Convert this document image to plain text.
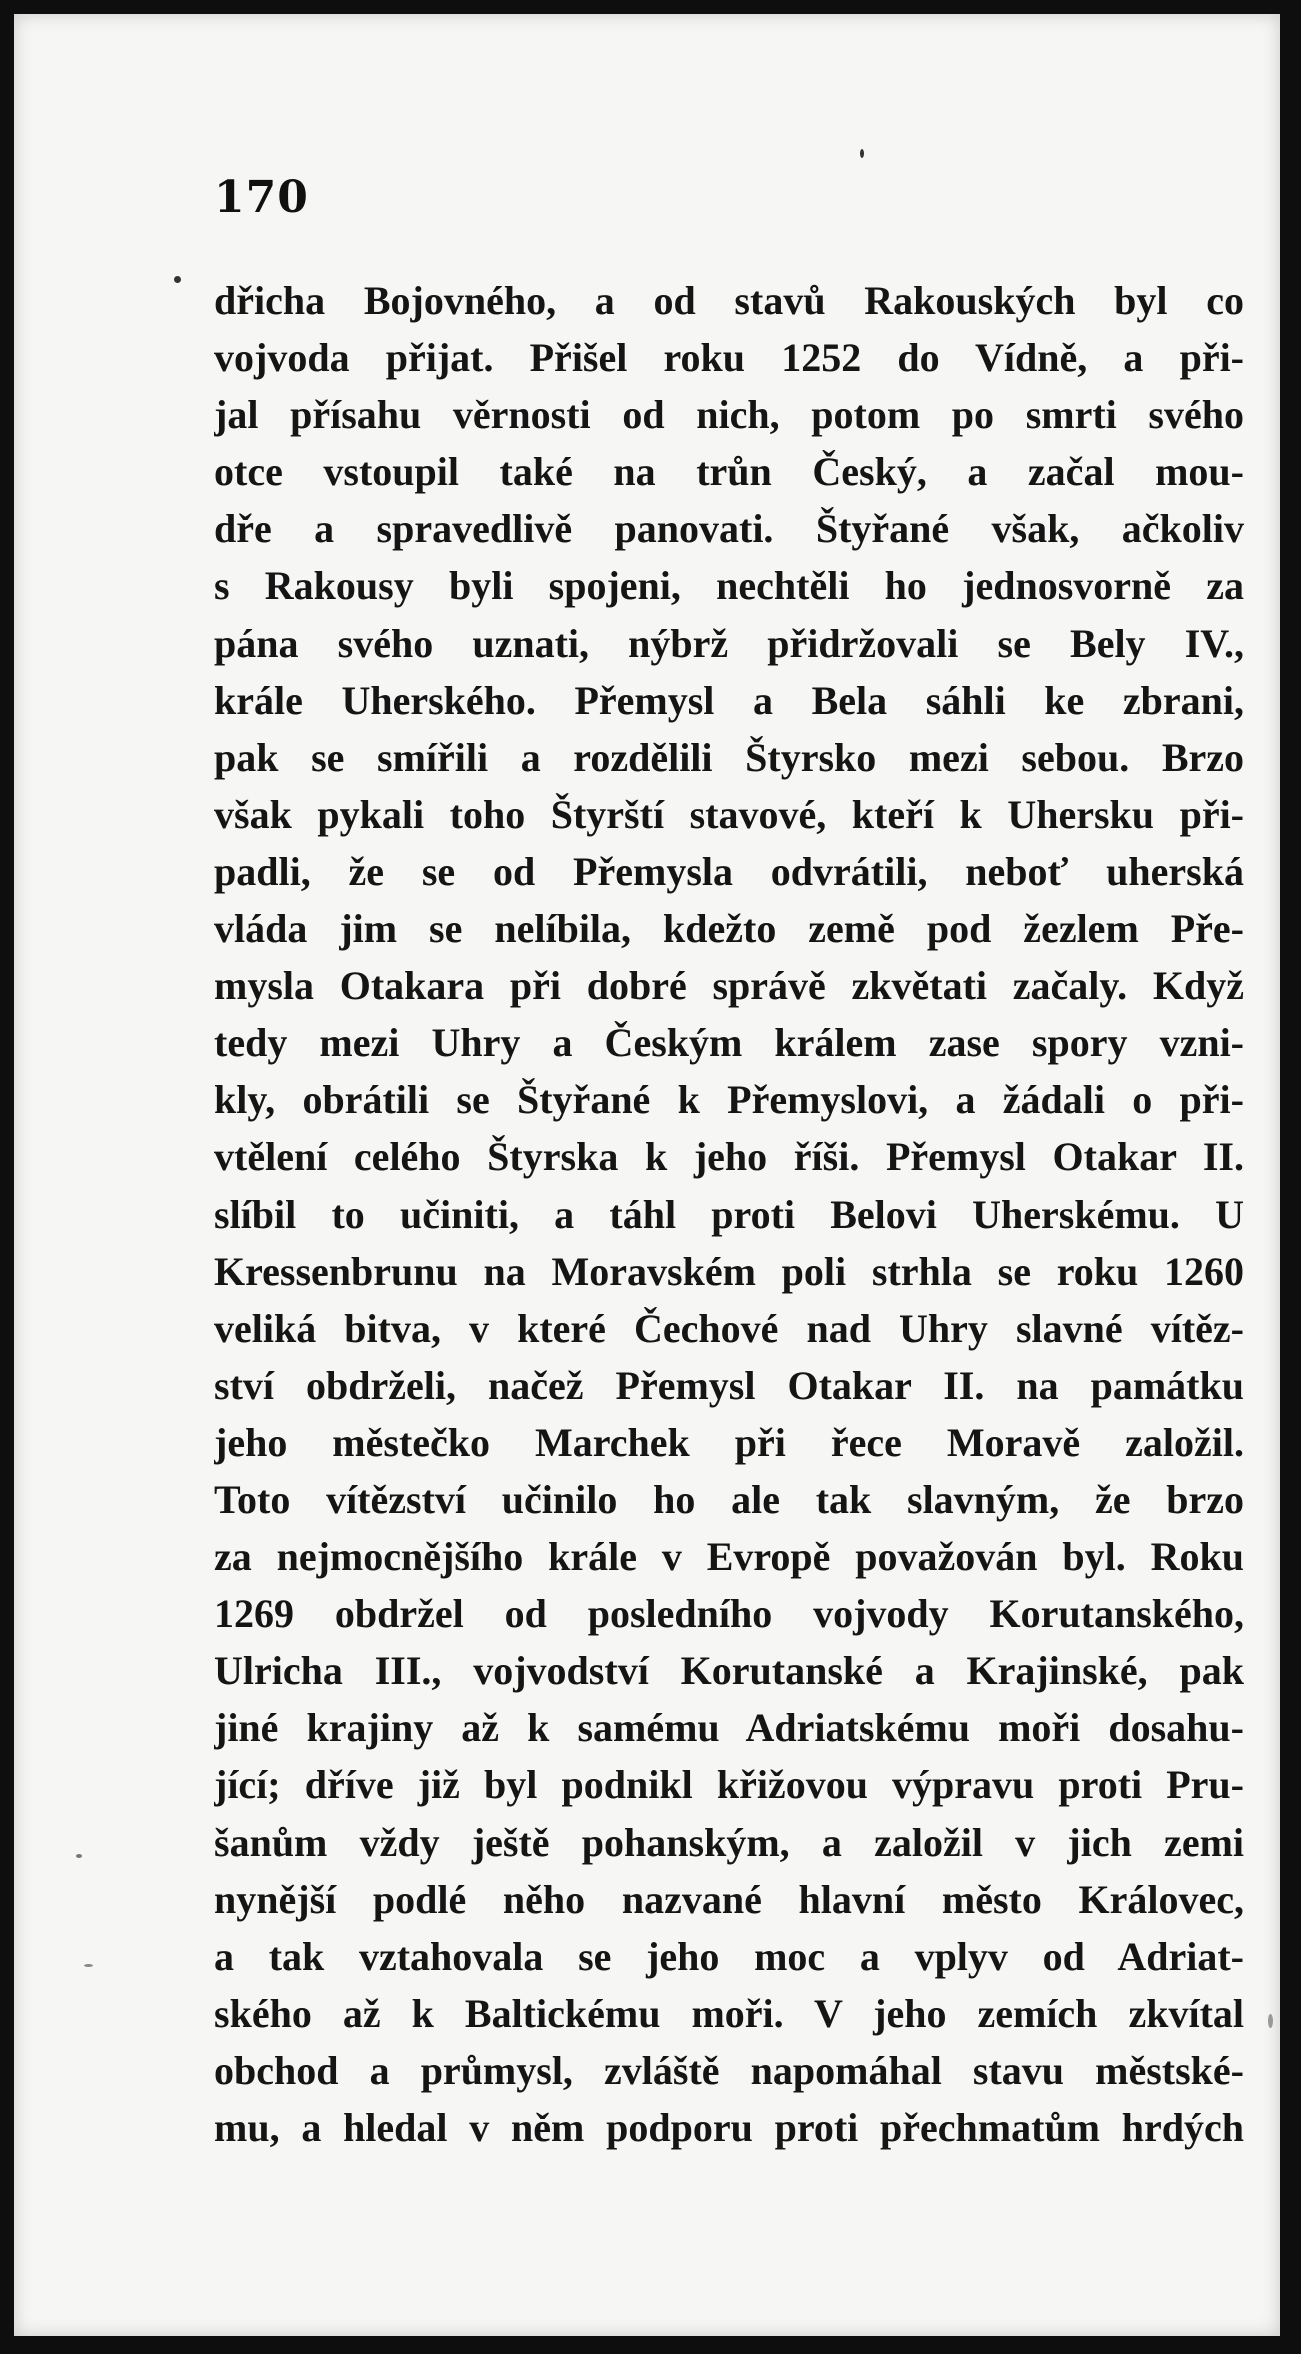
170
dřicha Bojovného, a od stavů Rakouských byl co
vojvoda přijat. Přišel roku 1252 do Vídně, a při-
jal přísahu věrnosti od nich, potom po smrti svého
otce vstoupil také na trůn Český, a začal mou-
dře a spravedlivě panovati. Štyřané však, ačkoliv
s Rakousy byli spojeni, nechtěli ho jednosvorně za
pána svého uznati, nýbrž přidržovali se Bely IV.,
krále Uherského. Přemysl a Bela sáhli ke zbrani,
pak se smířili a rozdělili Štyrsko mezi sebou. Brzo
však pykali toho Štyrští stavové, kteří k Uhersku při-
padli, že se od Přemysla odvrátili, neboť uherská
vláda jim se nelíbila, kdežto země pod žezlem Pře-
mysla Otakara při dobré správě zkvětati začaly. Když
tedy mezi Uhry a Českým králem zase spory vzni-
kly, obrátili se Štyřané k Přemyslovi, a žádali o při-
vtělení celého Štyrska k jeho říši. Přemysl Otakar II.
slíbil to učiniti, a táhl proti Belovi Uherskému. U
Kressenbrunu na Moravském poli strhla se roku 1260
veliká bitva, v které Čechové nad Uhry slavné vítěz-
ství obdrželi, načež Přemysl Otakar II. na památku
jeho městečko Marchek při řece Moravě založil.
Toto vítězství učinilo ho ale tak slavným, že brzo
za nejmocnějšího krále v Evropě považován byl. Roku
1269 obdržel od posledního vojvody Korutanského,
Ulricha III., vojvodství Korutanské a Krajinské, pak
jiné krajiny až k samému Adriatskému moři dosahu-
jící; dříve již byl podnikl křižovou výpravu proti Pru-
šanům vždy ještě pohanským, a založil v jich zemi
nynější podlé něho nazvané hlavní město Královec,
a tak vztahovala se jeho moc a vplyv od Adriat-
ského až k Baltickému moři. V jeho zemích zkvítal
obchod a průmysl, zvláště napomáhal stavu městské-
mu, a hledal v něm podporu proti přechmatům hrdých
